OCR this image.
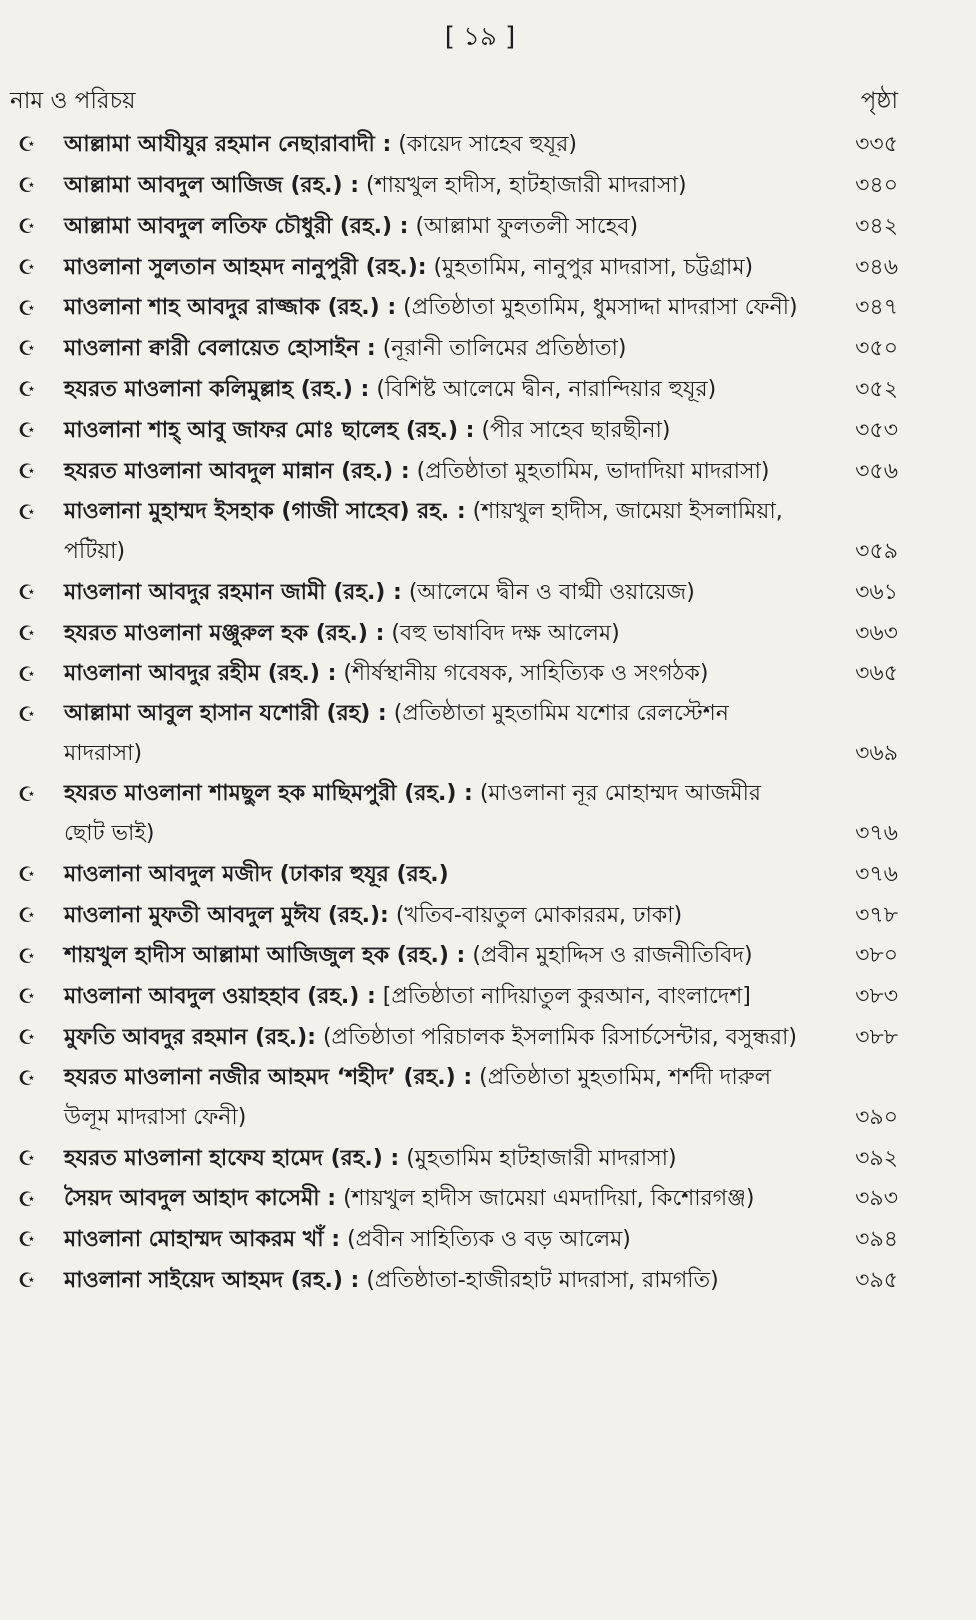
[ ১৯ ]
নাম ও পরিচয়	পৃষ্ঠা
☪ আল্লামা আযীযুর রহমান নেছারাবাদী : (কায়েদ সাহেব হুযূর)	৩৩৫
☪ আল্লামা আবদুল আজিজ (রহ.) : (শায়খুল হাদীস, হাটহাজারী মাদরাসা)	৩৪০
☪ আল্লামা আবদুল লতিফ চৌধুরী (রহ.) : (আল্লামা ফুলতলী সাহেব)	৩৪২
☪ মাওলানা সুলতান আহমদ নানুপুরী (রহ.): (মুহতামিম, নানুপুর মাদরাসা, চট্টগ্রাম)	৩৪৬
☪ মাওলানা শাহ আবদুর রাজ্জাক (রহ.) : (প্রতিষ্ঠাতা মুহতামিম, ধুমসাদ্দা মাদরাসা ফেনী)	৩৪৭
☪ মাওলানা ক্বারী বেলায়েত হোসাইন : (নূরানী তালিমের প্রতিষ্ঠাতা)	৩৫০
☪ হযরত মাওলানা কলিমুল্লাহ (রহ.) : (বিশিষ্ট আলেমে দ্বীন, নারান্দিয়ার হুযূর)	৩৫২
☪ মাওলানা শাহ্ আবু জাফর মোঃ ছালেহ (রহ.) : (পীর সাহেব ছারছীনা)	৩৫৩
☪ হযরত মাওলানা আবদুল মান্নান (রহ.) : (প্রতিষ্ঠাতা মুহতামিম, ভাদাদিয়া মাদরাসা)	৩৫৬
☪ মাওলানা মুহাম্মদ ইসহাক (গাজী সাহেব) রহ. : (শায়খুল হাদীস, জামেয়া ইসলামিয়া, পটিয়া)	৩৫৯
☪ মাওলানা আবদুর রহমান জামী (রহ.) : (আলেমে দ্বীন ও বাগ্মী ওয়ায়েজ)	৩৬১
☪ হযরত মাওলানা মঞ্জুরুল হক (রহ.) : (বহু ভাষাবিদ দক্ষ আলেম)	৩৬৩
☪ মাওলানা আবদুর রহীম (রহ.) : (শীর্ষস্থানীয় গবেষক, সাহিত্যিক ও সংগঠক)	৩৬৫
☪ আল্লামা আবুল হাসান যশোরী (রহ) : (প্রতিষ্ঠাতা মুহতামিম যশোর রেলস্টেশন মাদরাসা)	৩৬৯
☪ হযরত মাওলানা শামছুল হক মাছিমপুরী (রহ.) : (মাওলানা নূর মোহাম্মদ আজমীর ছোট ভাই)	৩৭৬
☪ মাওলানা আবদুল মজীদ (ঢাকার হুযূর (রহ.)	৩৭৬
☪ মাওলানা মুফতী আবদুল মুঈয (রহ.): (খতিব-বায়তুল মোকাররম, ঢাকা)	৩৭৮
☪ শায়খুল হাদীস আল্লামা আজিজুল হক (রহ.) : (প্রবীন মুহাদ্দিস ও রাজনীতিবিদ)	৩৮০
☪ মাওলানা আবদুল ওয়াহহাব (রহ.) : [প্রতিষ্ঠাতা নাদিয়াতুল কুরআন, বাংলাদেশ]	৩৮৩
☪ মুফতি আবদুর রহমান (রহ.): (প্রতিষ্ঠাতা পরিচালক ইসলামিক রিসার্চসেন্টার, বসুন্ধরা)	৩৮৮
☪ হযরত মাওলানা নজীর আহমদ ‘শহীদ’ (রহ.) : (প্রতিষ্ঠাতা মুহতামিম, শর্শদী দারুল উলূম মাদরাসা ফেনী)	৩৯০
☪ হযরত মাওলানা হাফেয হামেদ (রহ.) : (মুহতামিম হাটহাজারী মাদরাসা)	৩৯২
☪ সৈয়দ আবদুল আহাদ কাসেমী : (শায়খুল হাদীস জামেয়া এমদাদিয়া, কিশোরগঞ্জ)	৩৯৩
☪ মাওলানা মোহাম্মদ আকরম খাঁ : (প্রবীন সাহিত্যিক ও বড় আলেম)	৩৯৪
☪ মাওলানা সাইয়েদ আহমদ (রহ.) : (প্রতিষ্ঠাতা-হাজীরহাট মাদরাসা, রামগতি)	৩৯৫
